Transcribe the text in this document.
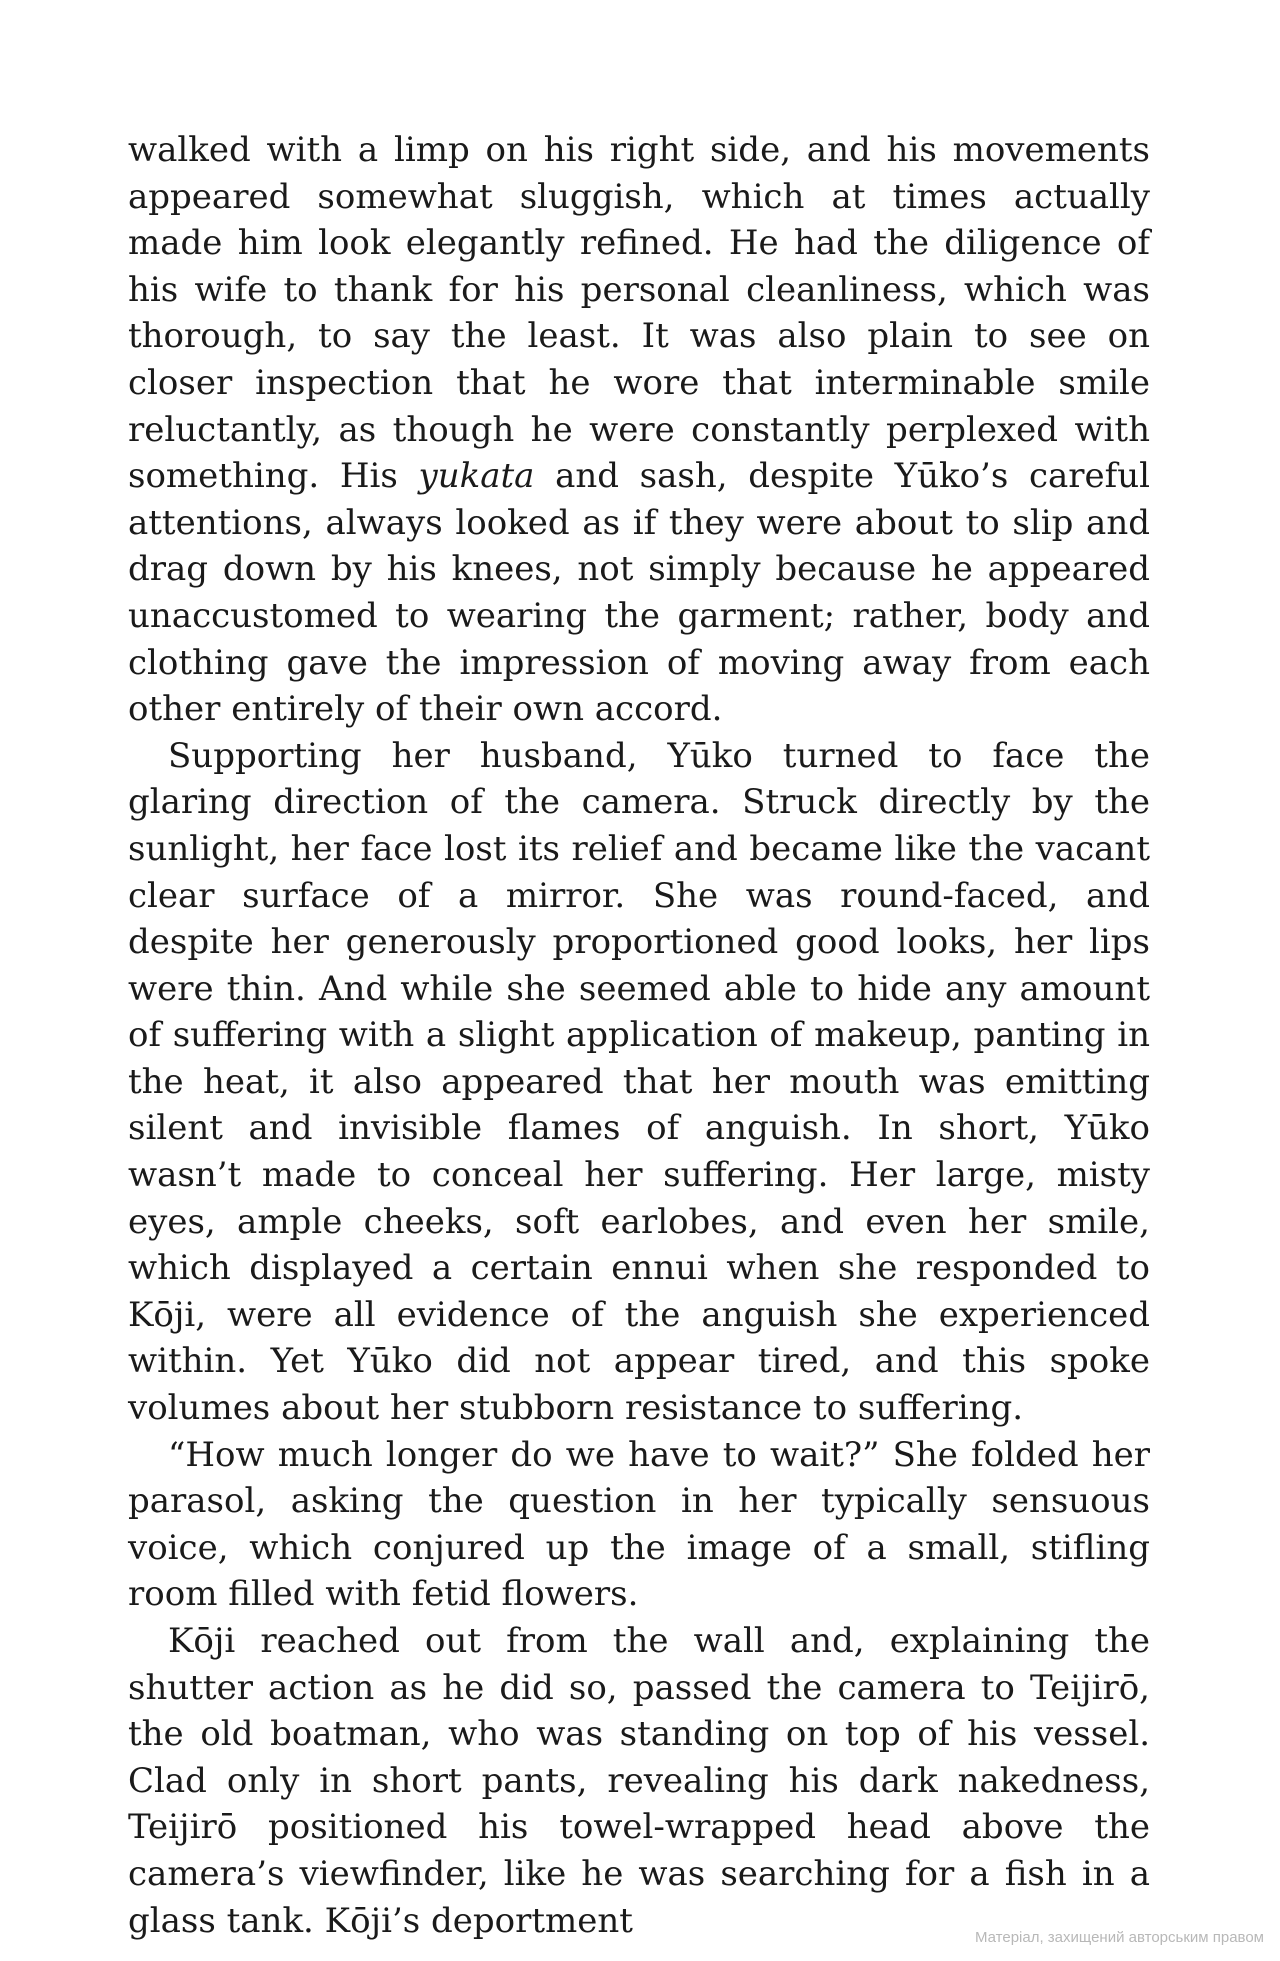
walked with a limp on his right side, and his movements appeared somewhat sluggish, which at times actually made him look elegantly refined. He had the diligence of his wife to thank for his personal cleanliness, which was thorough, to say the least. It was also plain to see on closer inspection that he wore that interminable smile reluctantly, as though he were constantly perplexed with something. His yukata and sash, despite Yūko’s careful attentions, always looked as if they were about to slip and drag down by his knees, not simply because he appeared unaccustomed to wearing the garment; rather, body and clothing gave the impression of moving away from each other entirely of their own accord.

Supporting her husband, Yūko turned to face the glaring direction of the camera. Struck directly by the sunlight, her face lost its relief and became like the vacant clear surface of a mirror. She was round-faced, and despite her generously proportioned good looks, her lips were thin. And while she seemed able to hide any amount of suffering with a slight application of makeup, panting in the heat, it also appeared that her mouth was emitting silent and invisible flames of anguish. In short, Yūko wasn’t made to conceal her suffering. Her large, misty eyes, ample cheeks, soft earlobes, and even her smile, which displayed a certain ennui when she responded to Kōji, were all evidence of the anguish she experienced within. Yet Yūko did not appear tired, and this spoke volumes about her stubborn resistance to suffering.

“How much longer do we have to wait?” She folded her parasol, asking the question in her typically sensuous voice, which conjured up the image of a small, stifling room filled with fetid flowers.

Kōji reached out from the wall and, explaining the shutter action as he did so, passed the camera to Teijirō, the old boatman, who was standing on top of his vessel. Clad only in short pants, revealing his dark nakedness, Teijirō positioned his towel-wrapped head above the camera’s viewfinder, like he was searching for a fish in a glass tank. Kōji’s deportment	Матеріал, захищений авторським правом
